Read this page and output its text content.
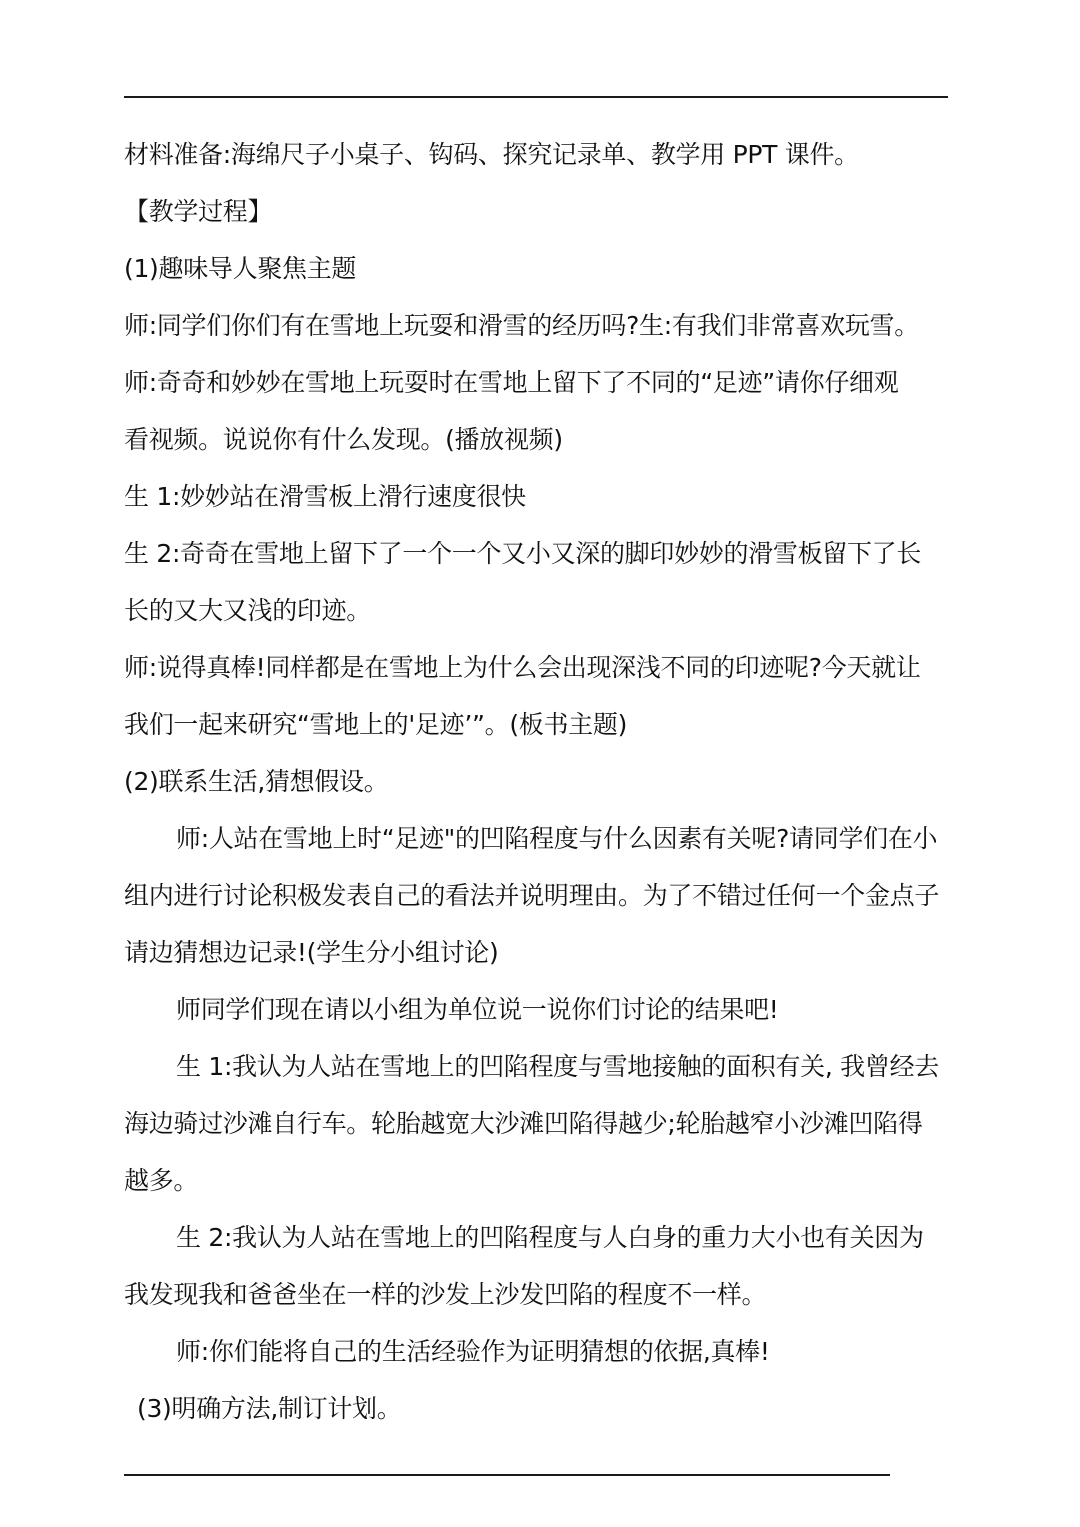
材料准备:海绵尺子小桌子、钩码、探究记录单、教学用 PPT 课件。
【教学过程】
(1)趣味导人聚焦主题
师:同学们你们有在雪地上玩耍和滑雪的经历吗?生:有我们非常喜欢玩雪。
师:奇奇和妙妙在雪地上玩耍时在雪地上留下了不同的“足迹”请你仔细观
看视频。说说你有什么发现。(播放视频)
生 1:妙妙站在滑雪板上滑行速度很快
生 2:奇奇在雪地上留下了一个一个又小又深的脚印妙妙的滑雪板留下了长
长的又大又浅的印迹。
师:说得真棒!同样都是在雪地上为什么会出现深浅不同的印迹呢?今天就让
我们一起来研究“雪地上的'足迹’”。(板书主题)
(2)联系生活,猜想假设。
师:人站在雪地上时“足迹"的凹陷程度与什么因素有关呢?请同学们在小
组内进行讨论积极发表自己的看法并说明理由。为了不错过任何一个金点子
请边猜想边记录!(学生分小组讨论)
师同学们现在请以小组为单位说一说你们讨论的结果吧!
生 1:我认为人站在雪地上的凹陷程度与雪地接触的面积有关, 我曾经去
海边骑过沙滩自行车。轮胎越宽大沙滩凹陷得越少;轮胎越窄小沙滩凹陷得
越多。
生 2:我认为人站在雪地上的凹陷程度与人白身的重力大小也有关因为
我发现我和爸爸坐在一样的沙发上沙发凹陷的程度不一样。
师:你们能将自己的生活经验作为证明猜想的依据,真棒!
(3)明确方法,制订计划。
